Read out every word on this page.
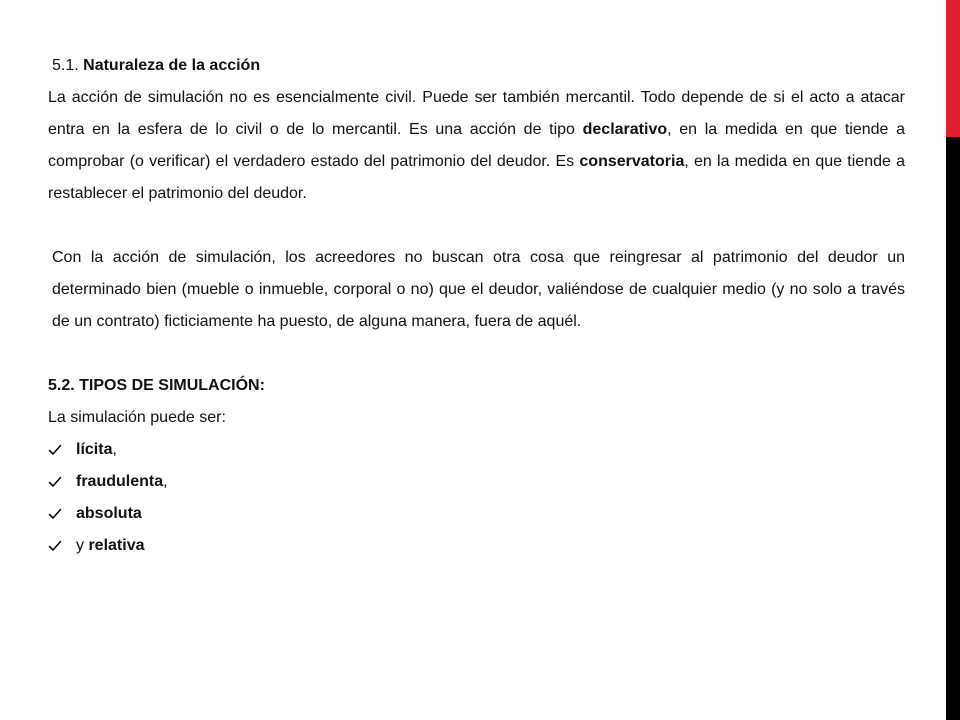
5.1. Naturaleza de la acción

La acción de simulación no es esencialmente civil. Puede ser también mercantil. Todo depende de si el acto a atacar entra en la esfera de lo civil o de lo mercantil. Es una acción de tipo declarativo, en la medida en que tiende a comprobar (o verificar) el verdadero estado del patrimonio del deudor. Es conservatoria, en la medida en que tiende a restablecer el patrimonio del deudor.

Con la acción de simulación, los acreedores no buscan otra cosa que reingresar al patrimonio del deudor un determinado bien (mueble o inmueble, corporal o no) que el deudor, valiéndose de cualquier medio (y no solo a través de un contrato) ficticiamente ha puesto, de alguna manera, fuera de aquél.

5.2. TIPOS DE SIMULACIÓN:

La simulación puede ser:

lícita,
fraudulenta,
absoluta
y relativa
